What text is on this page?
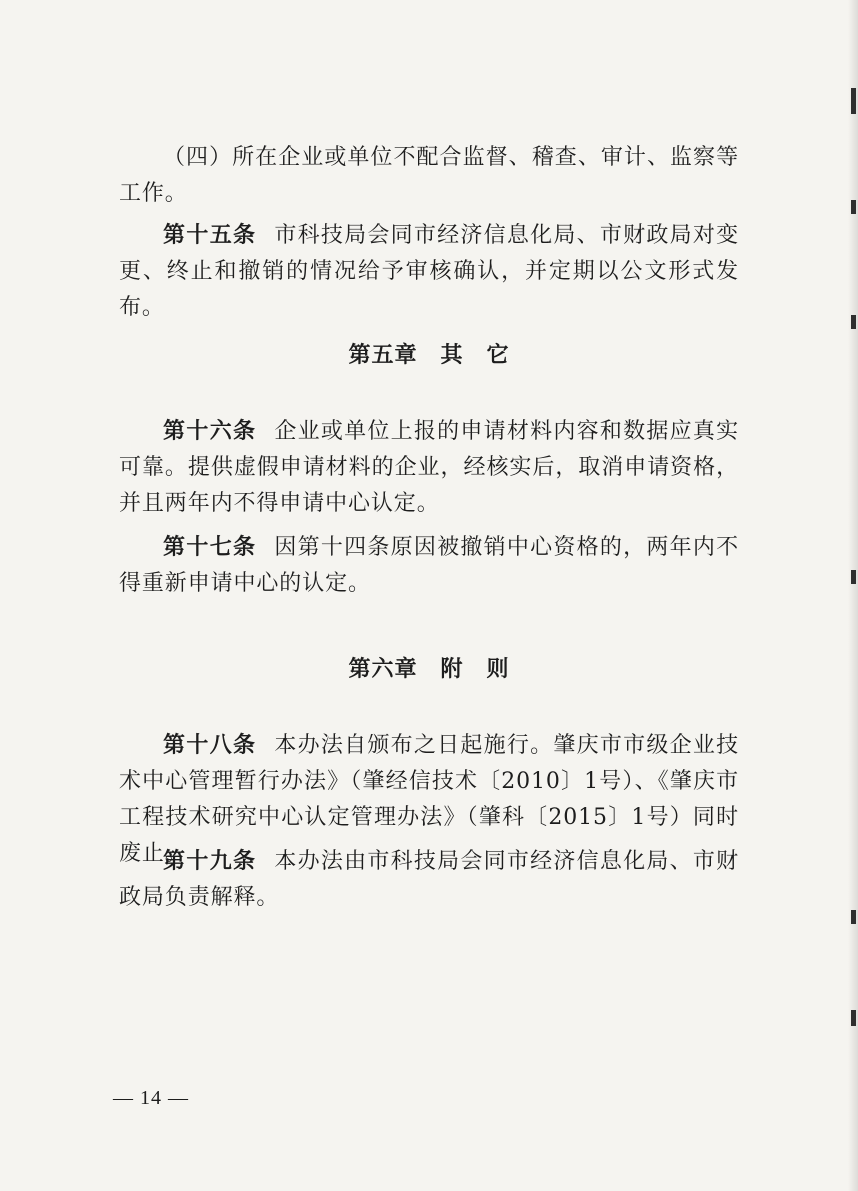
（四）所在企业或单位不配合监督、稽查、审计、监察等工作。

第十五条 市科技局会同市经济信息化局、市财政局对变更、终止和撤销的情况给予审核确认，并定期以公文形式发布。

第五章　其　它

第十六条 企业或单位上报的申请材料内容和数据应真实可靠。提供虚假申请材料的企业，经核实后，取消申请资格，并且两年内不得申请中心认定。

第十七条 因第十四条原因被撤销中心资格的，两年内不得重新申请中心的认定。

第六章　附　则

第十八条 本办法自颁布之日起施行。肇庆市市级企业技术中心管理暂行办法》（肇经信技术〔2010〕1号）、《肇庆市工程技术研究中心认定管理办法》（肇科〔2015〕1号）同时废止。

第十九条 本办法由市科技局会同市经济信息化局、市财政局负责解释。

— 14 —
